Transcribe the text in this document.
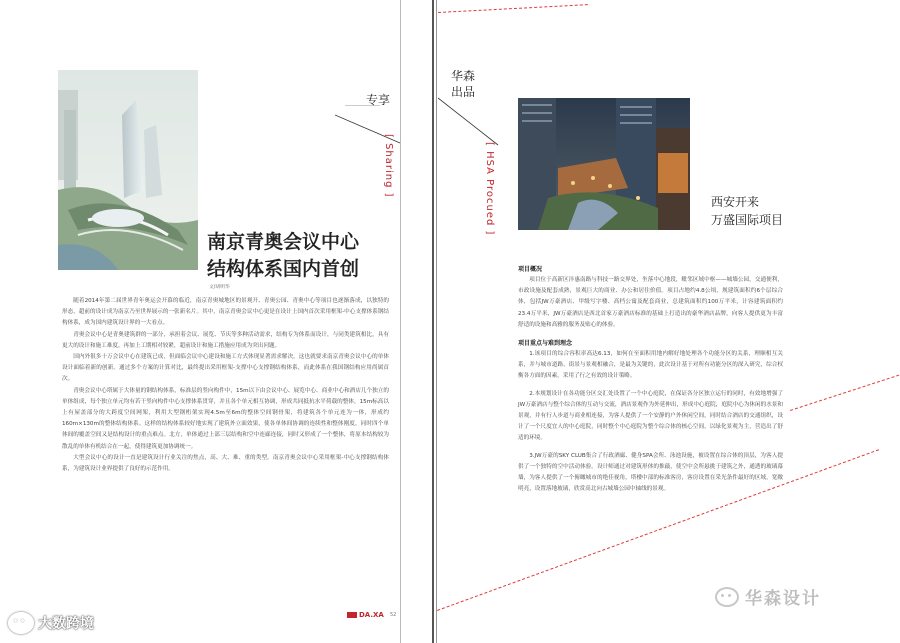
专享
[ Sharing ]
南京青奥会议中心
结构体系国内首创
文/胡明华

随着2014年第二届世界青年奥运会开幕的临近，南京青奥城地区的景观开、青奥公园、青奥中心等项目也逐渐落成，以独特的形态，超前的设计成为南京乃至世界展示的一张新名片。其中，南京青奥会议中心更是在设计上国内首次采用框架-中心支撑体系钢结构体系，成为国内建筑设计界的一大看点。

青奥会议中心是青奥建筑群的一部分，承担着会议、展览、节庆等多种活动需求，结构专为体系而设计，与同类建筑相比，具有更大的设计和施工难度，再加上工期相对较紧，超前设计和施工措施应用成为突出问题。

国内外很多十万会议中心在建筑已成，但面临会议中心建设和施工方式体现显著需求解决，这也就要求南京青奥会议中心的单体设计面临着新的创新。通过多个方案的计算对比，最终提出采用框架-支撑中心支撑钢结构体系，而此体系在我国钢结构应用尚属首次。

青奥会议中心塔属于大体量的钢结构体系，标准层的竖向构件中，15m以下由会议中心、展览中心、商业中心和酒店几个独立的单体组成，每个独立单元均有若干竖向构件中心支撑体系贯穿，并且各个单元相互协调，形成共同抵抗水平荷载的整体，15m标高以上有屋盖部分的大跨度空间网架，利用大型钢桁架实现4.5m至6m的整体空间钢骨架，将建筑各个单元连为一体，形成约160m×130m的整体结构体系。这样的结构体系较好地实现了建筑外立面效果，使各单体间协调的连续性和整体刚度，同时四个单体间的覆盖空间又是结构设计的重点难点。北方，单体通过上部三层结构和空中连廊连接，同时又形成了一个整体，将原本结构较为散乱的单体有机结合在一起，使得建筑更加协调统一。

大型会议中心的设计一直是建筑设计行业关注的焦点，高、大、难、重的类型。南京青奥会议中心采用框架-中心支撑钢结构体系，为建筑设计业界提供了良好的示范作用。

DA.XA 52
大数跨境
华森
出品
[ HSA Procued ]	西安开来
万盛国际项目
项目概况

项目位于高新区沣惠南路与科技一路交界处，坐落中心地段，毗邻区域中枢——城墙公园，交通便利，市政设施及配套成熟，景观巨大的商业、办公和居住价值。项目占地约4.8公顷，规建筑面积约6个层综合体，包括JW万豪酒店、甲级写字楼、高档公寓及配套商业，总建筑面积约100万平米，计容建筑面积约23.4万平米，JW万豪酒店是西北首家万豪酒店标准的基础上打造出的豪华酒店品牌，向客人提供更为丰富舒适的设施和高雅的服务及贴心的体验。

项目重点与难到理念

1.该项目的综合容积率高达6.13，如何在至面积用地内解好地处理各个功能分区的关系，理顺相互关系，并与城市道路、街景与景观相融合，是最为关键的，此次设计基于对所有功能分区的深入研究，综合权衡各方面的因素，采用了行之有效的设计策略。

2.本规划设计在各功能分区交汇处设置了一个中心庭院，在保证各分区独立运行的同时，有效地增强了JW万豪酒店与整个综合体的互动与交流，酒店景观作为外延伸出，形成中心庭院，庭院中心为休闲的水景和景观，并有行人步道与商业相连接，为客人提供了一个安静的户外休闲空间，同时结合酒店的交通组织，设计了一个尺度宜人的中心庭院，同时整个中心庭院为整个综合体的核心空间，以绿化景观为主，营造出了舒适的环境。

3.JW万豪的SKY CLUB集合了行政酒廊、健身SPA会所、泳池设施，被设置在综合体的顶层，为客人提供了一个独特的空中活动体验。设计师通过对建筑形体的推敲，使空中会所悬挑于建筑之外，通透的玻璃幕墙，为客人提供了一个俯瞰城市的绝佳视角，塔楼中部的标准客房，客房设置在采光条件最好的区域，宽敞明亮，设置落地玻璃，欣赏高北向古城墙公园中轴线的景观。

华森设计
